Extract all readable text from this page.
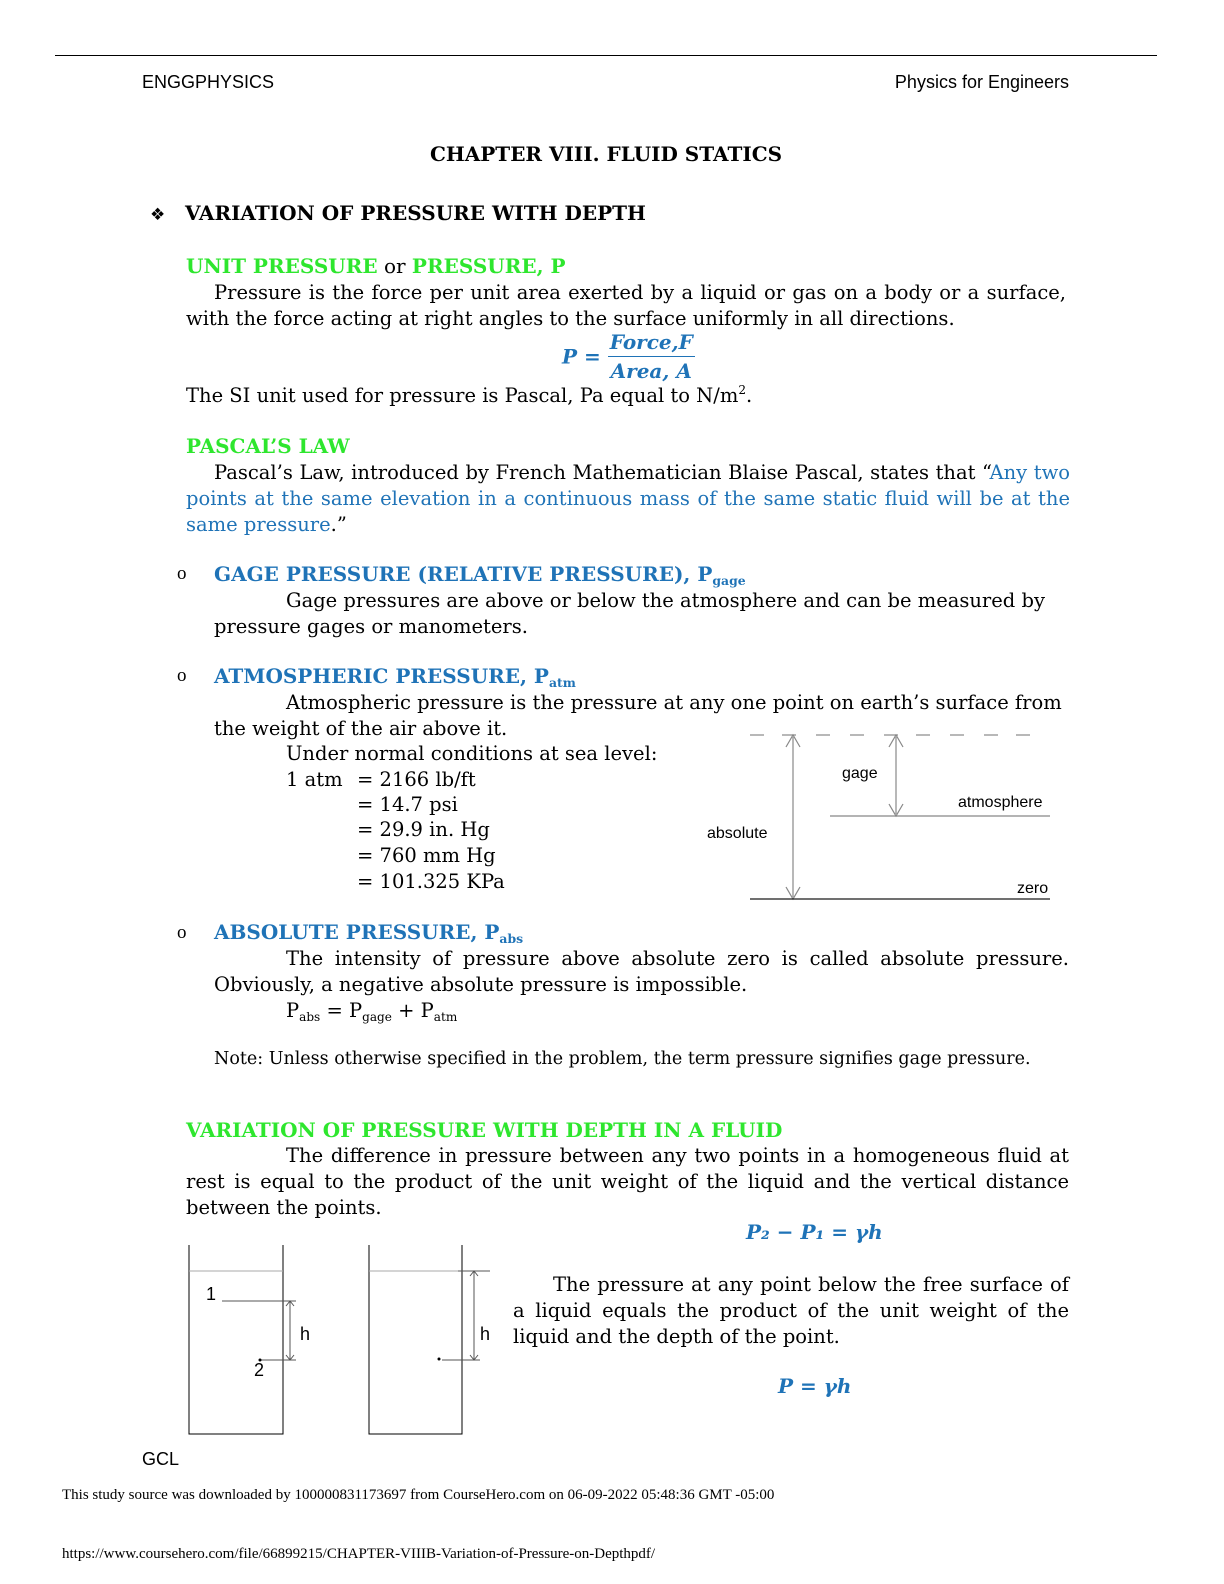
ENGGPHYSICS	Physics for Engineers
CHAPTER VIII. FLUID STATICS
❖ VARIATION OF PRESSURE WITH DEPTH
UNIT PRESSURE or PRESSURE, P
Pressure is the force per unit area exerted by a liquid or gas on a body or a surface, with the force acting at right angles to the surface uniformly in all directions.
$P = \frac{\text{Force,F}}{\text{Area, A}}$
The SI unit used for pressure is Pascal, Pa equal to $N/m^2$.
PASCAL’S LAW
Pascal’s Law, introduced by French Mathematician Blaise Pascal, states that “Any two points at the same elevation in a continuous mass of the same static fluid will be at the same pressure.”
o GAGE PRESSURE (RELATIVE PRESSURE), $P_{gage}$
Gage pressures are above or below the atmosphere and can be measured by pressure gages or manometers.
o ATMOSPHERIC PRESSURE, $P_{atm}$
Atmospheric pressure is the pressure at any one point on earth’s surface from the weight of the air above it.
Under normal conditions at sea level:
1 atm = 2166 lb/ft
= 14.7 psi
= 29.9 in. Hg
= 760 mm Hg
= 101.325 KPa
gage
atmosphere
absolute
zero
o ABSOLUTE PRESSURE, $P_{abs}$
The intensity of pressure above absolute zero is called absolute pressure. Obviously, a negative absolute pressure is impossible.
$P_{abs} = P_{gage} + P_{atm}$
Note: Unless otherwise specified in the problem, the term pressure signifies gage pressure.
VARIATION OF PRESSURE WITH DEPTH IN A FLUID
The difference in pressure between any two points in a homogeneous fluid at rest is equal to the product of the unit weight of the liquid and the vertical distance between the points.
P₂ − P₁ = γh
1
2
h	h
The pressure at any point below the free surface of a liquid equals the product of the unit weight of the liquid and the depth of the point.
P = γh
GCL
This study source was downloaded by 100000831173697 from CourseHero.com on 06-09-2022 05:48:36 GMT -05:00
https://www.coursehero.com/file/66899215/CHAPTER-VIIIB-Variation-of-Pressure-on-Depthpdf/
